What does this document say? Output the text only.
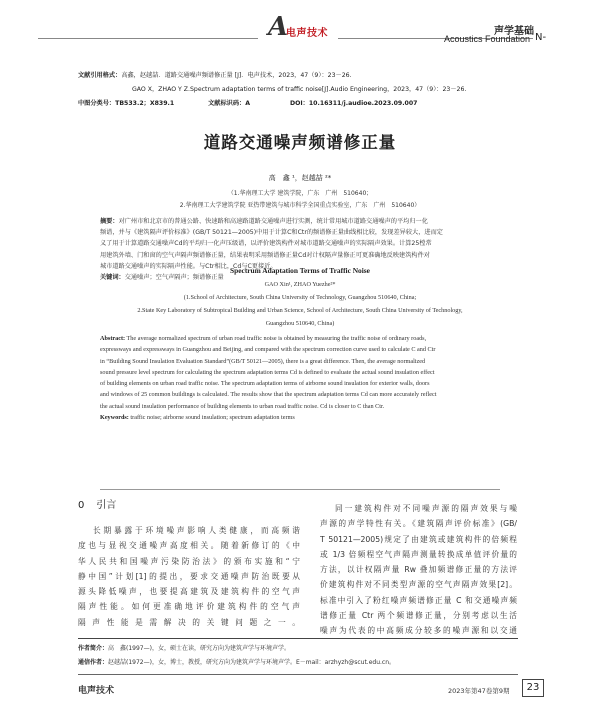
A
电声技术	声学基础
Acoustics Foundation N-
文献引用格式：高鑫，赵越喆．道路交通噪声频谱修正量 [J]．电声技术，2023，47（9）：23－26.
GAO X，ZHAO Y Z.Spectrum adaptation terms of traffic noise[J].Audio Engineering，2023，47（9）：23－26.
中图分类号：TB533.2；X839.1	文献标识码：A	DOI：10.16311/j.audioe.2023.09.007
道路交通噪声频谱修正量
高　鑫 ¹，赵越喆 ²*
（1.华南理工大学 建筑学院，广东　广州　510640；
2.华南理工大学建筑学院 亚热带建筑与城市科学全国重点实验室，广东　广州　510640）
摘要：对广州市和北京市的普通公路、快速路和高速路道路交通噪声进行实测，统计常用城市道路交通噪声的平均归一化
频谱，并与《建筑隔声评价标准》(GB/T 50121—2005)中用于计算C和Ctr的频谱修正量曲线相比较，发现差异较大，进而定
义了用于计算道路交通噪声Cd的平均归一化声压级谱，以评价建筑构件对城市道路交通噪声的实际隔声效果。计算25樘常
用建筑外墙、门和窗的空气声隔声频谱修正量，结果表明采用频谱修正量Cd对计权隔声量修正可更准确地反映建筑构件对
城市道路交通噪声的实际隔声性能。与Ctr相比，Cd与C更接近。
关键词：交通噪声；空气声隔声；频谱修正量
Spectrum Adaptation Terms of Traffic Noise
GAO Xin¹, ZHAO Yuezhe²*
(1.School of Architecture, South China University of Technology, Guangzhou 510640, China;
2.State Key Laboratory of Subtropical Building and Urban Science, School of Architecture, South China University of Technology,
Guangzhou 510640, China)
Abstract: The average normalized spectrum of urban road traffic noise is obtained by measuring the traffic noise of ordinary roads,
expressways and expressways in Guangzhou and Beijing, and compared with the spectrum correction curve used to calculate C and Ctr
in “Building Sound Insulation Evaluation Standard”(GB/T 50121—2005), there is a great difference. Then, the average normalized
sound pressure level spectrum for calculating the spectrum adaptation terms Cd is defined to evaluate the actual sound insulation effect
of building elements on urban road traffic noise. The spectrum adaptation terms of airborne sound insulation for exterior walls, doors
and windows of 25 common buildings is calculated. The results show that the spectrum adaptation terms Cd can more accurately reflect
the actual sound insulation performance of building elements to urban road traffic noise. Cd is closer to C than Ctr.
Keywords: traffic noise; airborne sound insulation; spectrum adaptation terms
0 引言
长期暴露于环境噪声影响人类健康，而高频谐
度也与显视交通噪声高度相关。随着新修订的《中
华人民共和国噪声污染防治法》的颁布实施和“宁
静中国”计划[1]的提出，要求交通噪声防治既要从
源头降低噪声，也要提高建筑及建筑构件的空气声
隔声性能。如何更准确地评价建筑构件的空气声
隔声性能是需解决的关键问题之一。
同一建筑构件对不同噪声源的隔声效果与噪
声源的声学特性有关。《建筑隔声评价标准》(GB/
T 50121—2005)规定了由建筑或建筑构件的倍频程
或 1/3 倍频程空气声隔声测量转换成单值评价量的
方法，以计权隔声量 Rw 叠加频谱修正量的方法评
价建筑构件对不同类型声源的空气声隔声效果[2]。
标准中引入了粉红噪声频谱修正量 C 和交通噪声频
谱修正量 Ctr 两个频谱修正量，分别考虑以生活
噪声为代表的中高频成分较多的噪声源和以交通
作者简介：高　鑫(1997—)，女，硕士在读，研究方向为建筑声学与环境声学。
通信作者：赵越喆(1972—)，女，博士，教授，研究方向为建筑声学与环境声学。E－mail：arzhyzh@scut.edu.cn。
电声技术	2023年第47卷第9期	23
